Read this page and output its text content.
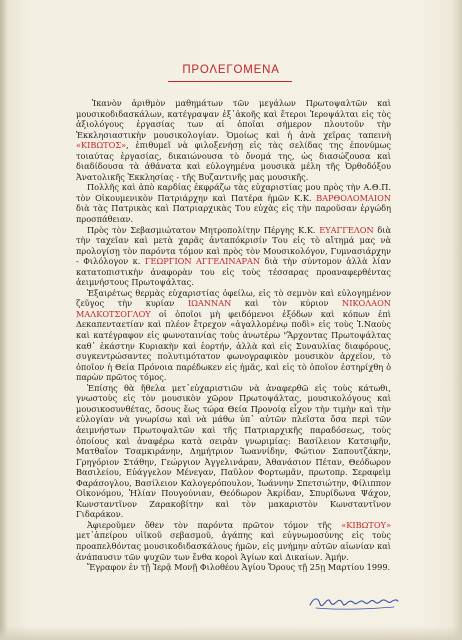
ΠΡΟΛΕΓΟΜΕΝΑ

Ἱκανὸν ἀριθμὸν μαθημάτων τῶν μεγάλων Πρωτοψαλτῶν καὶ μουσικοδιδασκάλων, κατέγραψαν ἐξ᾿ἀκοῆς καὶ ἕτεροι Ἱεροψάλται εἰς τὸς ἀξιολόγους ἐργασίας των αἱ ὁποῖαι σήμερον πλουτοῦν τὴν Ἐκκλησιαστικὴν μουσικολογίαν. Ὁμοίως καὶ ἡ ἀνὰ χεῖρας ταπεινὴ «ΚΙΒΩΤΟΣ», ἐπιθυμεῖ νὰ φιλοξενήσῃ εἰς τὰς σελίδας της ἐπονύμως τοιαύτας ἐργασίας, δικαιώνουσα τὸ ὄνομά της, ὡς διασώζουσα καὶ διαδίδουσα τὰ ἀθάνατα καὶ εὐλογημένα μουσικὰ μέλη τῆς Ὀρθοδόξου Ἀνατολικῆς Ἐκκλησίας - τῆς Βυζαντινῆς μας μουσικῆς.

Πολλῆς καὶ ἀπὸ καρδίας ἐκφράζω τὰς εὐχαριστίας μου πρὸς τὴν Α.Θ.Π. τὸν Οἰκουμενικὸν Πατριάρχην καὶ Πατέρα ἡμῶν Κ.Κ. ΒΑΡΘΟΛΟΜΑΙΟΝ διὰ τὰς Πατρικὰς καὶ Πατριαρχικὰς Του εὐχὰς εἰς τὴν παροῦσαν ἐργώδη προσπάθειαν.

Πρὸς τὸν Σεβασμιώτατον Μητροπολίτην Πέργης Κ.Κ. ΕΥΑΓΓΕΛΟΝ διὰ τὴν ταχεῖαν καὶ μετὰ χαρᾶς ἀνταπόκρισίν Του εἰς τὸ αἴτημά μας νὰ προλογίσῃ τὸν παρόντα τόμον καὶ πρὸς τὸν Μουσικολόγον, Γυμνασιάρχην - Φιλόλογον κ. ΓΕΩΡΓΙΟΝ ΑΓΓΕΛΙΝΑΡΑΝ διὰ τὴν σύντομον ἀλλὰ λίαν κατατοπιστικὴν ἀναφορὰν του εἰς τοὺς τέσσαρας προαναφερθέντας ἀειμνήστους Πρωτοψάλτας.

Ἐξαιρέτως θερμὰς εὐχαριστίας ὀφείλω, εἰς τὸ σεμνὸν καὶ εὐλογημένον ζεῦγος τὴν κυρίαν ΙΩΑΝΝΑΝ καὶ τὸν κύριον ΝΙΚΟΛΑΟΝ ΜΑΛΚΟΤΣΟΓΛΟΥ οἱ ὁποῖοι μὴ φειδόμενοι ἐξόδων καὶ κόπων ἐπὶ Δεκαπενταετίαν καὶ πλέον ἔτρεχον «ἀγαλλομένῳ ποδὶ» εἰς τοὺς Ἱ.Ναοὺς καὶ κατέγραφον εἰς φωνοταινίας τοὺς ἀνωτέρω "Ἄρχοντας Πρωτοψάλτας καθ᾿ ἑκάστην Κυριακὴν καὶ ἑορτήν, ἀλλὰ καὶ εἰς Συναυλίας διαφόρους, συγκεντρώσαντες πολυτιμότατον φωνογραφικὸν μουσικὸν ἀρχεῖον, τὸ ὁποῖον ἡ Θεία Πρόνοια παρέδωκεν εἰς ἡμᾶς, καὶ εἰς τὸ ὁποῖον ἐστηρίχθη ὁ παρὼν πρῶτος τόμος.

Ἐπίσης θὰ ἤθελα μετ᾿εὐχαριστιῶν νὰ ἀναφερθῶ εἰς τοὺς κάτωθι, γνωστοὺς εἰς τὸν μουσικὸν χῶρον Πρωτοψάλτας, μουσικολόγους καὶ μουσικοσυνθέτας, ὅσους ἕως τώρα Θεία Προνοίᾳ εἶχον τὴν τιμὴν καὶ τὴν εὐλογίαν νὰ γνωρίσω καὶ νὰ μάθω ὑπ᾿ αὐτῶν πλεῖστα ὅσα περὶ τῶν ἀειμνήστων Πρωτοψαλτῶν καὶ τῆς Πατριαρχικῆς παραδόσεως, τοὺς ὁποίους καὶ ἀναφέρω κατὰ σειρὰν γνωριμίας: Βασίλειον Κατσιφῆν, Ματθαῖον Τσαμκιράνην, Δημήτριον Ἰωαννίδην, Φώτιον Σαπουτζάκην, Γρηγόριον Στάθην, Γεώργιον Ἀγγελινάραν, Ἀθανάσιον Πέταν, Θεόδωρον Βασιλείου, Εὐάγγελον Μένεγαν, Παῦλον Φορτωμᾶν, πρωτοπρ. Σεραφεὶμ Φαράσογλου, Βασίλειον Καλογερόπουλον, Ἰωάννην Σπετσιώτην, Φίλιππον Οἰκονόμου, Ἠλίαν Πουγούνιαν, Θεόδωρον Ἀκρίδαν, Σπυρίδωνα Ψάχον, Κωνσταντῖνον Ζαρακοβίτην καὶ τὸν μακαριστὸν Κωνσταντῖνον Γιδαράκον.

Ἀφιεροῦμεν ὅθεν τὸν παρόντα πρῶτον τόμον τῆς «ΚΙΒΩΤΟΥ» μετ᾿ἀπείρου υἱϊκοῦ σεβασμοῦ, ἀγάπης καὶ εὐγνωμοσύνης εἰς τοὺς προαπελθόντας μουσικοδιδασκάλους ἡμῶν, εἰς μνήμην αὐτῶν αἰωνίαν καὶ ἀνάπαυσιν τῶν ψυχῶν των ἔνθα κοροὶ Ἁγίων καὶ Δικαίων. Ἀμήν.

Ἔγραφον ἐν τῇ Ἱερᾷ Μονῇ Φιλοθέου Ἁγίου Ὄρους τῇ 25ῃ Μαρτίου 1999.
